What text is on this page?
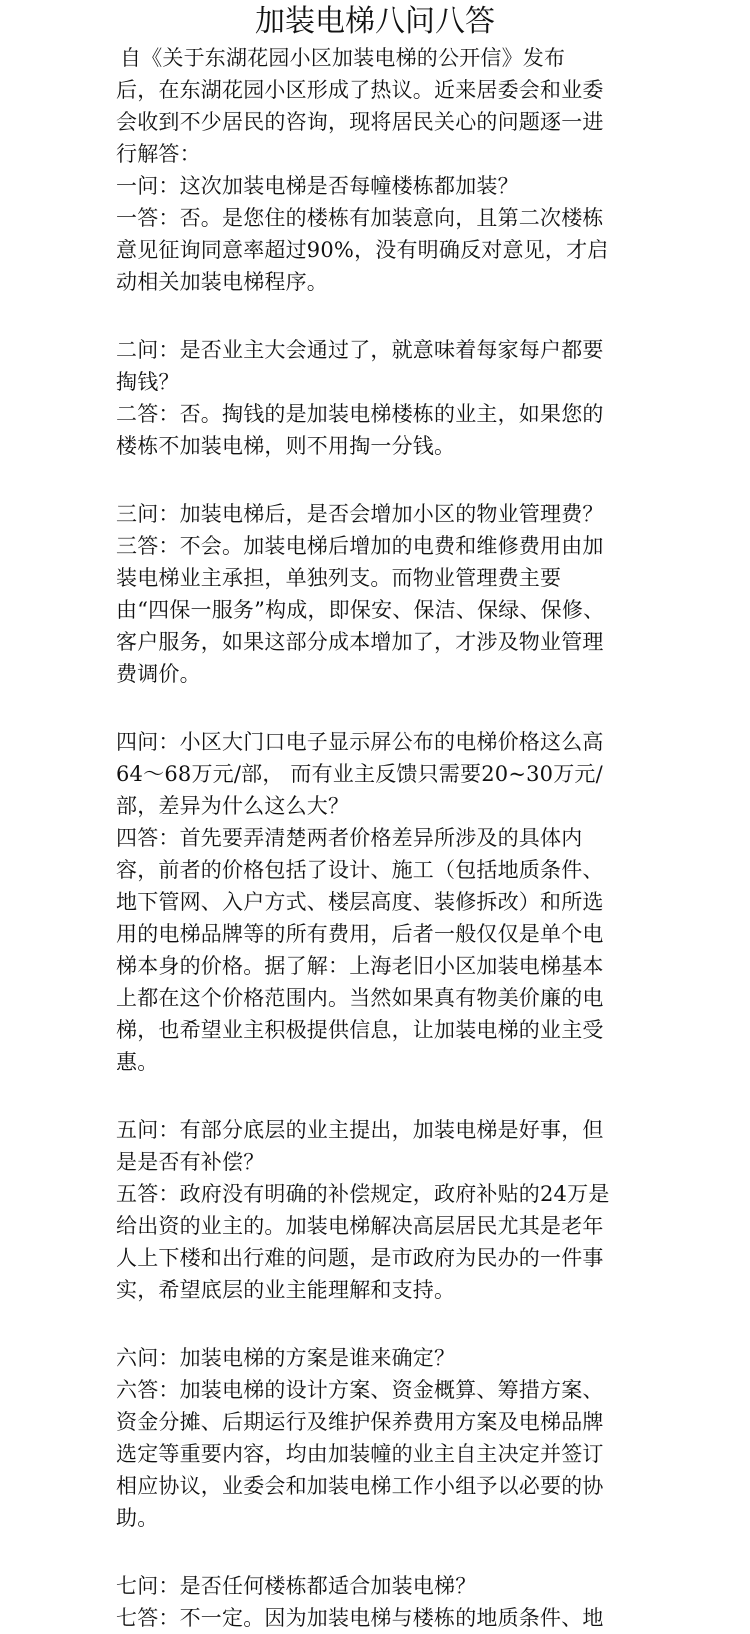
加装电梯八问八答
自《关于东湖花园小区加装电梯的公开信》发布
后，在东湖花园小区形成了热议。近来居委会和业委
会收到不少居民的咨询，现将居民关心的问题逐一进
行解答：
一问：这次加装电梯是否每幢楼栋都加装？
一答：否。是您住的楼栋有加装意向，且第二次楼栋
意见征询同意率超过90%，没有明确反对意见，才启
动相关加装电梯程序。
二问：是否业主大会通过了，就意味着每家每户都要
掏钱？
二答：否。掏钱的是加装电梯楼栋的业主，如果您的
楼栋不加装电梯，则不用掏一分钱。
三问：加装电梯后，是否会增加小区的物业管理费？
三答：不会。加装电梯后增加的电费和维修费用由加
装电梯业主承担，单独列支。而物业管理费主要
由“四保一服务”构成，即保安、保洁、保绿、保修、
客户服务，如果这部分成本增加了，才涉及物业管理
费调价。
四问：小区大门口电子显示屏公布的电梯价格这么高
64～68万元/部， 而有业主反馈只需要20~30万元/
部，差异为什么这么大？
四答：首先要弄清楚两者价格差异所涉及的具体内
容，前者的价格包括了设计、施工（包括地质条件、
地下管网、入户方式、楼层高度、装修拆改）和所选
用的电梯品牌等的所有费用，后者一般仅仅是单个电
梯本身的价格。据了解：上海老旧小区加装电梯基本
上都在这个价格范围内。当然如果真有物美价廉的电
梯，也希望业主积极提供信息，让加装电梯的业主受
惠。
五问：有部分底层的业主提出，加装电梯是好事，但
是是否有补偿？
五答：政府没有明确的补偿规定，政府补贴的24万是
给出资的业主的。加装电梯解决高层居民尤其是老年
人上下楼和出行难的问题，是市政府为民办的一件事
实，希望底层的业主能理解和支持。
六问：加装电梯的方案是谁来确定？
六答：加装电梯的设计方案、资金概算、筹措方案、
资金分摊、后期运行及维护保养费用方案及电梯品牌
选定等重要内容，均由加装幢的业主自主决定并签订
相应协议，业委会和加装电梯工作小组予以必要的协
助。
七问：是否任何楼栋都适合加装电梯？
七答：不一定。因为加装电梯与楼栋的地质条件、地
